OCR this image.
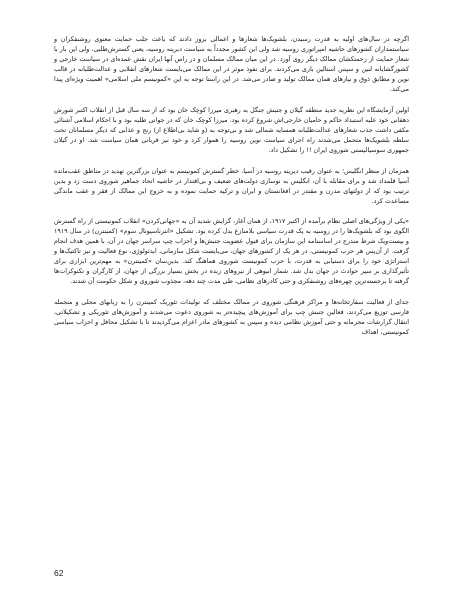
اگرچه در سال‌های اولیه به قدرت رسیدن، بلشویک‌ها شعارها و اعمالی بروز دادند که باعث جلب حمایت معنوی روشنفکران و سیاستمداران کشورهای حاشیه امپراتوری روسیه شد ولی این کشور مجدداً به سیاست دیرینه روسیه، یعنی گسترش‌طلبی، ولی این بار با شعار حمایت از زحمتکشان ممالک دیگر روی آورد. در این میان ممالک مسلمان و در راس آنها ایران نقش عمده‌ای در سیاست خارجی و کشورگشایانه لنین و سپس استالین بازی می‌کردند. برای نفوذ موثر در این ممالک می‌بایست شعارهای انقلابی و عدالت‌طلبانه در قالب نوین و مطابق ذوق و نیازهای همان ممالک تولید و صادر می‌شد. در این راستا توجه به این «کمونیسم ملی اسلامی» اهمیت ویژه‌ای پیدا می‌کند.

اولین آزمایشگاه این نظریه جدید منطقه گیلان و جنبش جنگل به رهبری میرزا کوچک خان بود که از سه سال قبل از انقلاب اکتبر شورش دهقانی خود علیه استبداد حاکم و حامیان خارجی‌اش شروع کرده بود. میرزا کوچک خان که در جوانی طلبه بود و با احکام اسلامی آشنائی مکفی داشت جذب شعارهای عدالت‌طلبانه همسایه شمالی شد و بی‌توجه به (و شاید بی‌اطلاع از) رنج و عذابی که دیگر مسلمانان تحت سلطه بلشویک‌ها متحمل می‌شدند راه اجرای سیاست نوین روسیه را هموار کرد و خود نیز قربانی همان سیاست شد. او در گیلان جمهوری سوسیالیستی شوروی ایران !! را تشکیل داد.

همزمان از منظر انگلیس؛ به عنوان رقیب دیرینه روسیه در آسیا، خطر گسترش کمونیسم به عنوان بزرگترین تهدید در مناطق عقب‌مانده آسیا قلمداد شد و برای مقابله با آن، انگلیس به نوسازی دولت‌های ضعیف و بی‌اقتدار در حاشیه اتحاد جماهیر شوروی دست زد و بدین ترتیب بود که از دولتهای مدرن و مقتدر در افغانستان و ایران و ترکیه حمایت نموده و به خروج این ممالک از فقر و عقب ماندگی مساعدت کرد.

«یکی از ویژگی‌های اصلی نظام برآمده از اکتبر ۱۹۱۷، از همان آغاز، گرایش شدید آن به «جهانی‌کردن» انقلاب کمونیستی از راه گسترش الگوی بود که بلشویک‌ها را در روسیه به یک قدرت سیاسی بلامنازع بدل کرده بود. تشکیل «انترناسیونال سوم» (کمینترن) در سال ۱۹۱۹ و بیست‌ویک شرط مندرج در اساسنامه این سازمان برای قبول عضویت جنبش‌ها و احزاب چپ سراسر جهان در آن، با همین هدف انجام گرفت. از آن‌پس هر حزب کمونیستی، در هر یک از کشورهای جهان، می‌بایست شکل سازمانی، ایدئولوژی، نوع فعالیت و نیز تاکتیک‌ها و استراتژی خود را برای دستیابی به قدرت، با حزب کمونیست شوروی هماهنگ کند. بدین‌سان «کمینترن» به مهم‌ترین ابزاری برای تأثیرگذاری بر سیر حوادث در جهان بدل شد. شمار انبوهی از نیروهای زبده در بخش بسیار بزرگی از جهان، از کارگران و تکنوکرات‌ها گرفته تا برجسته‌ترین چهره‌های روشنفکری و حتی کادرهای نظامی، طی مدت چند دهه، مجذوب شوروی و شکل حکومت آن شدند.

جدای از فعالیت سفارتخانه‌ها و مراکز فرهنگی شوروی در ممالک مختلف که تولیدات تئوریک کمینترن را به زبانهای محلی و منجمله فارسی توزیع می‌کردند، فعالین جنبش چپ برای آموزش‌های پیچیده‌تر به شوروی دعوت می‌شدند و آموزش‌های تئوریکی و تشکیلاتی، انتقال گزارشات محرمانه و حتی آموزش نظامی دیده و سپس به کشورهای مادر اعزام می‌گردیدند تا با تشکیل محافل و احزاب سیاسی کمونیستی، اهداف

62
